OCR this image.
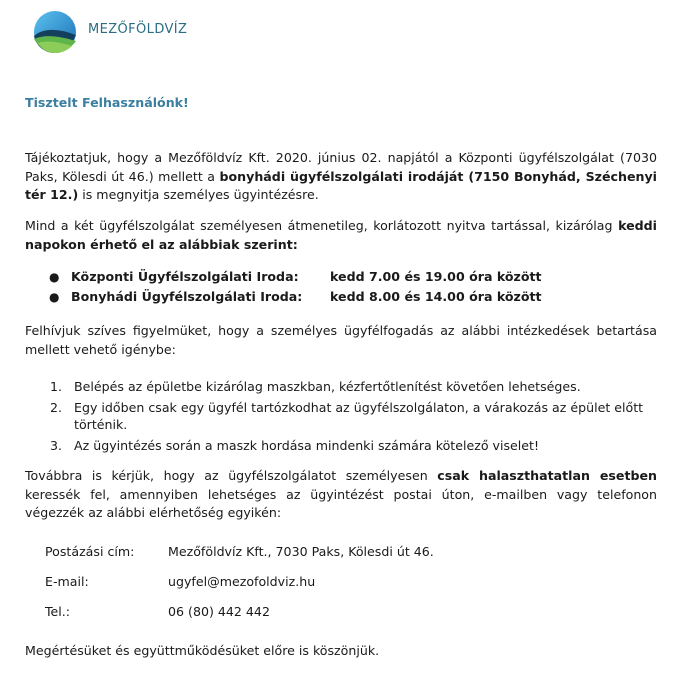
MEZŐFÖLDVÍZ
Tisztelt Felhasználónk!

Tájékoztatjuk, hogy a Mezőföldvíz Kft. 2020. június 02. napjától a Központi ügyfélszolgálat (7030 Paks, Kölesdi út 46.) mellett a bonyhádi ügyfélszolgálati irodáját (7150 Bonyhád, Széchenyi tér 12.) is megnyitja személyes ügyintézésre.

Mind a két ügyfélszolgálat személyesen átmenetileg, korlátozott nyitva tartással, kizárólag keddi napokon érhető el az alábbiak szerint:

● Központi Ügyfélszolgálati Iroda: kedd 7.00 és 19.00 óra között
● Bonyhádi Ügyfélszolgálati Iroda: kedd 8.00 és 14.00 óra között

Felhívjuk szíves figyelmüket, hogy a személyes ügyfélfogadás az alábbi intézkedések betartása mellett vehető igénybe:

1. Belépés az épületbe kizárólag maszkban, kézfertőtlenítést követően lehetséges.
2. Egy időben csak egy ügyfél tartózkodhat az ügyfélszolgálaton, a várakozás az épület előtt történik.
3. Az ügyintézés során a maszk hordása mindenki számára kötelező viselet!

Továbbra is kérjük, hogy az ügyfélszolgálatot személyesen csak halaszthatatlan esetben keressék fel, amennyiben lehetséges az ügyintézést postai úton, e-mailben vagy telefonon végezzék az alábbi elérhetőség egyikén:

Postázási cím:	Mezőföldvíz Kft., 7030 Paks, Kölesdi út 46.
E-mail:	ugyfel@mezofoldviz.hu
Tel.:	06 (80) 442 442

Megértésüket és együttműködésüket előre is köszönjük.
